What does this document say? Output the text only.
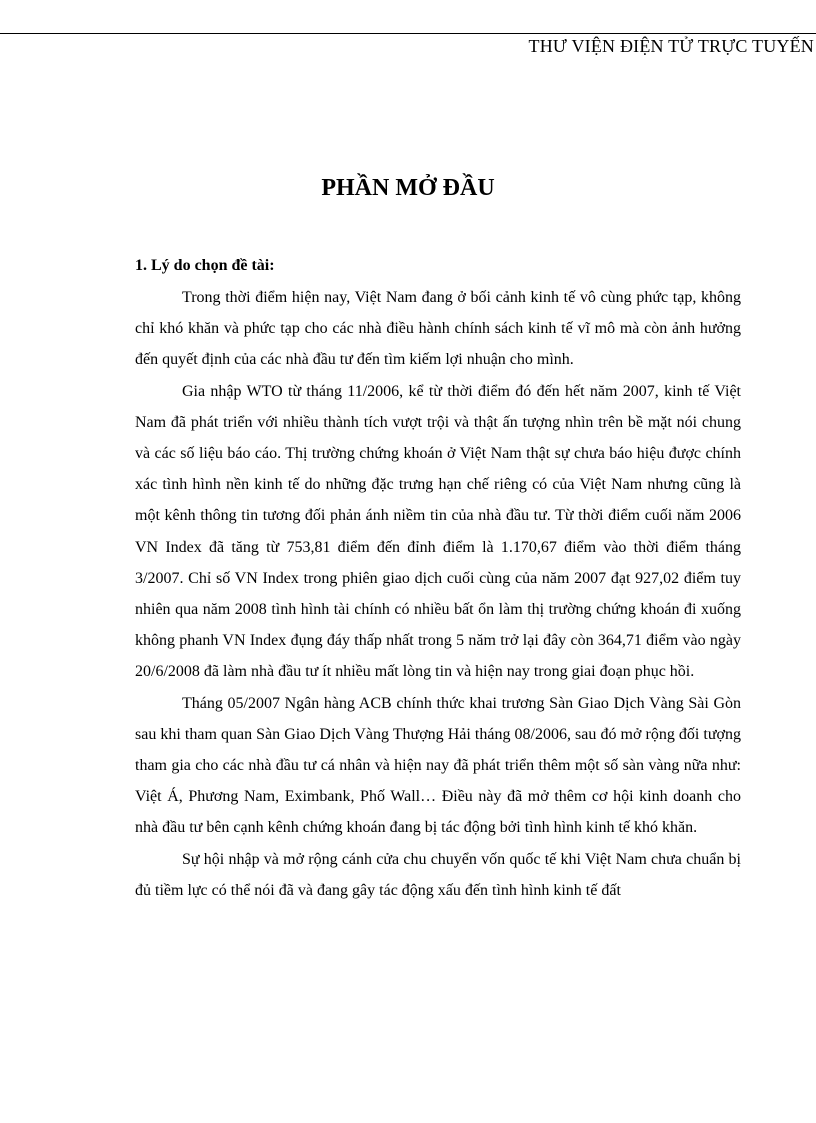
THƯ VIỆN ĐIỆN TỬ TRỰC TUYẾN
PHẦN MỞ ĐẦU

1. Lý do chọn đề tài:

Trong thời điểm hiện nay, Việt Nam đang ở bối cảnh kinh tế vô cùng phức tạp, không chỉ khó khăn và phức tạp cho các nhà điều hành chính sách kinh tế vĩ mô mà còn ảnh hưởng đến quyết định của các nhà đầu tư đến tìm kiếm lợi nhuận cho mình.

Gia nhập WTO từ tháng 11/2006, kể từ thời điểm đó đến hết năm 2007, kinh tế Việt Nam đã phát triển với nhiều thành tích vượt trội và thật ấn tượng nhìn trên bề mặt nói chung và các số liệu báo cáo. Thị trường chứng khoán ở Việt Nam thật sự chưa báo hiệu được chính xác tình hình nền kinh tế do những đặc trưng hạn chế riêng có của Việt Nam nhưng cũng là một kênh thông tin tương đối phản ánh niềm tin của nhà đầu tư. Từ thời điểm cuối năm 2006 VN Index đã tăng từ 753,81 điểm đến đỉnh điểm là 1.170,67 điểm vào thời điểm tháng 3/2007. Chỉ số VN Index trong phiên giao dịch cuối cùng của năm 2007 đạt 927,02 điểm tuy nhiên qua năm 2008 tình hình tài chính có nhiều bất ổn làm thị trường chứng khoán đi xuống không phanh VN Index đụng đáy thấp nhất trong 5 năm trở lại đây còn 364,71 điểm vào ngày 20/6/2008 đã làm nhà đầu tư ít nhiều mất lòng tin và hiện nay trong giai đoạn phục hồi.

Tháng 05/2007 Ngân hàng ACB chính thức khai trương Sàn Giao Dịch Vàng Sài Gòn sau khi tham quan Sàn Giao Dịch Vàng Thượng Hải tháng 08/2006, sau đó mở rộng đối tượng tham gia cho các nhà đầu tư cá nhân và hiện nay đã phát triển thêm một số sàn vàng nữa như: Việt Á, Phương Nam, Eximbank, Phố Wall… Điều này đã mở thêm cơ hội kinh doanh cho nhà đầu tư bên cạnh kênh chứng khoán đang bị tác động bởi tình hình kinh tế khó khăn.

Sự hội nhập và mở rộng cánh cửa chu chuyển vốn quốc tế khi Việt Nam chưa chuẩn bị đủ tiềm lực có thể nói đã và đang gây tác động xấu đến tình hình kinh tế đất
